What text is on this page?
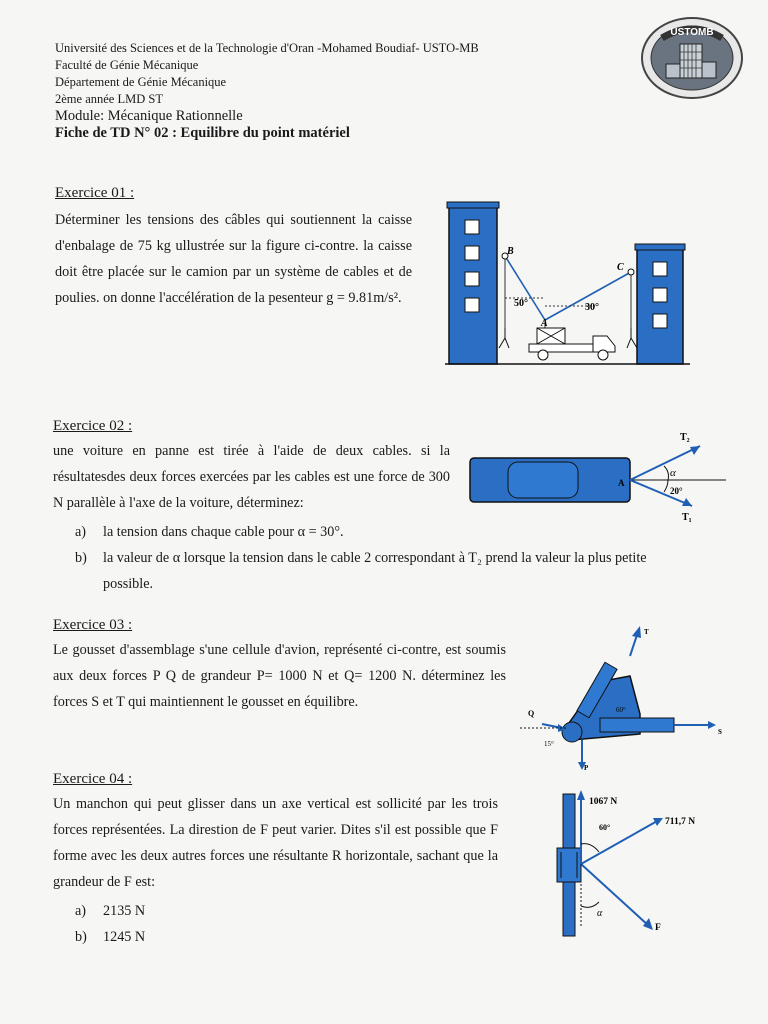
Université des Sciences et de la Technologie d'Oran -Mohamed Boudiaf- USTO-MB
Faculté de Génie Mécanique
Département de Génie Mécanique
2ème année LMD ST
Module: Mécanique Rationnelle
Fiche de TD N° 02 : Equilibre du point matériel
USTOMB
Exercice 01 :
Déterminer les tensions des câbles qui soutiennent la caisse d'enbalage de 75 kg ullustrée sur la figure ci-contre. la caisse doit être placée sur le camion par un système de cables et de poulies. on donne l'accélération de la pesenteur g = 9.81m/s².
B
C
A
50°	30°
Exercice 02 :
une voiture en panne est tirée à l'aide de deux cables. si la résultatesdes deux forces exercées par les cables est une force de 300 N parallèle à l'axe de la voiture, déterminez:
a)	la tension dans chaque cable pour α = 30°.
b)	la valeur de α lorsque la tension dans le cable 2 correspondant à T₂ prend la valeur la plus petite possible.
T₂
T₁
α
20°
A
Exercice 03 :
Le gousset d'assemblage s'une cellule d'avion, représenté ci-contre, est soumis aux deux forces P Q de grandeur P= 1000 N et Q= 1200 N. déterminez les forces S et T qui maintiennent le gousset en équilibre.
T
Q
S
P
60°
15°
Exercice 04 :
Un manchon qui peut glisser dans un axe vertical est sollicité par les trois forces représentées. La direstion de F peut varier. Dites s'il est possible que F forme avec les deux autres forces une résultante R horizontale, sachant que la grandeur de F est:
a)	2135 N
b)	1245 N
1067 N
711,7 N
60°
α
F
